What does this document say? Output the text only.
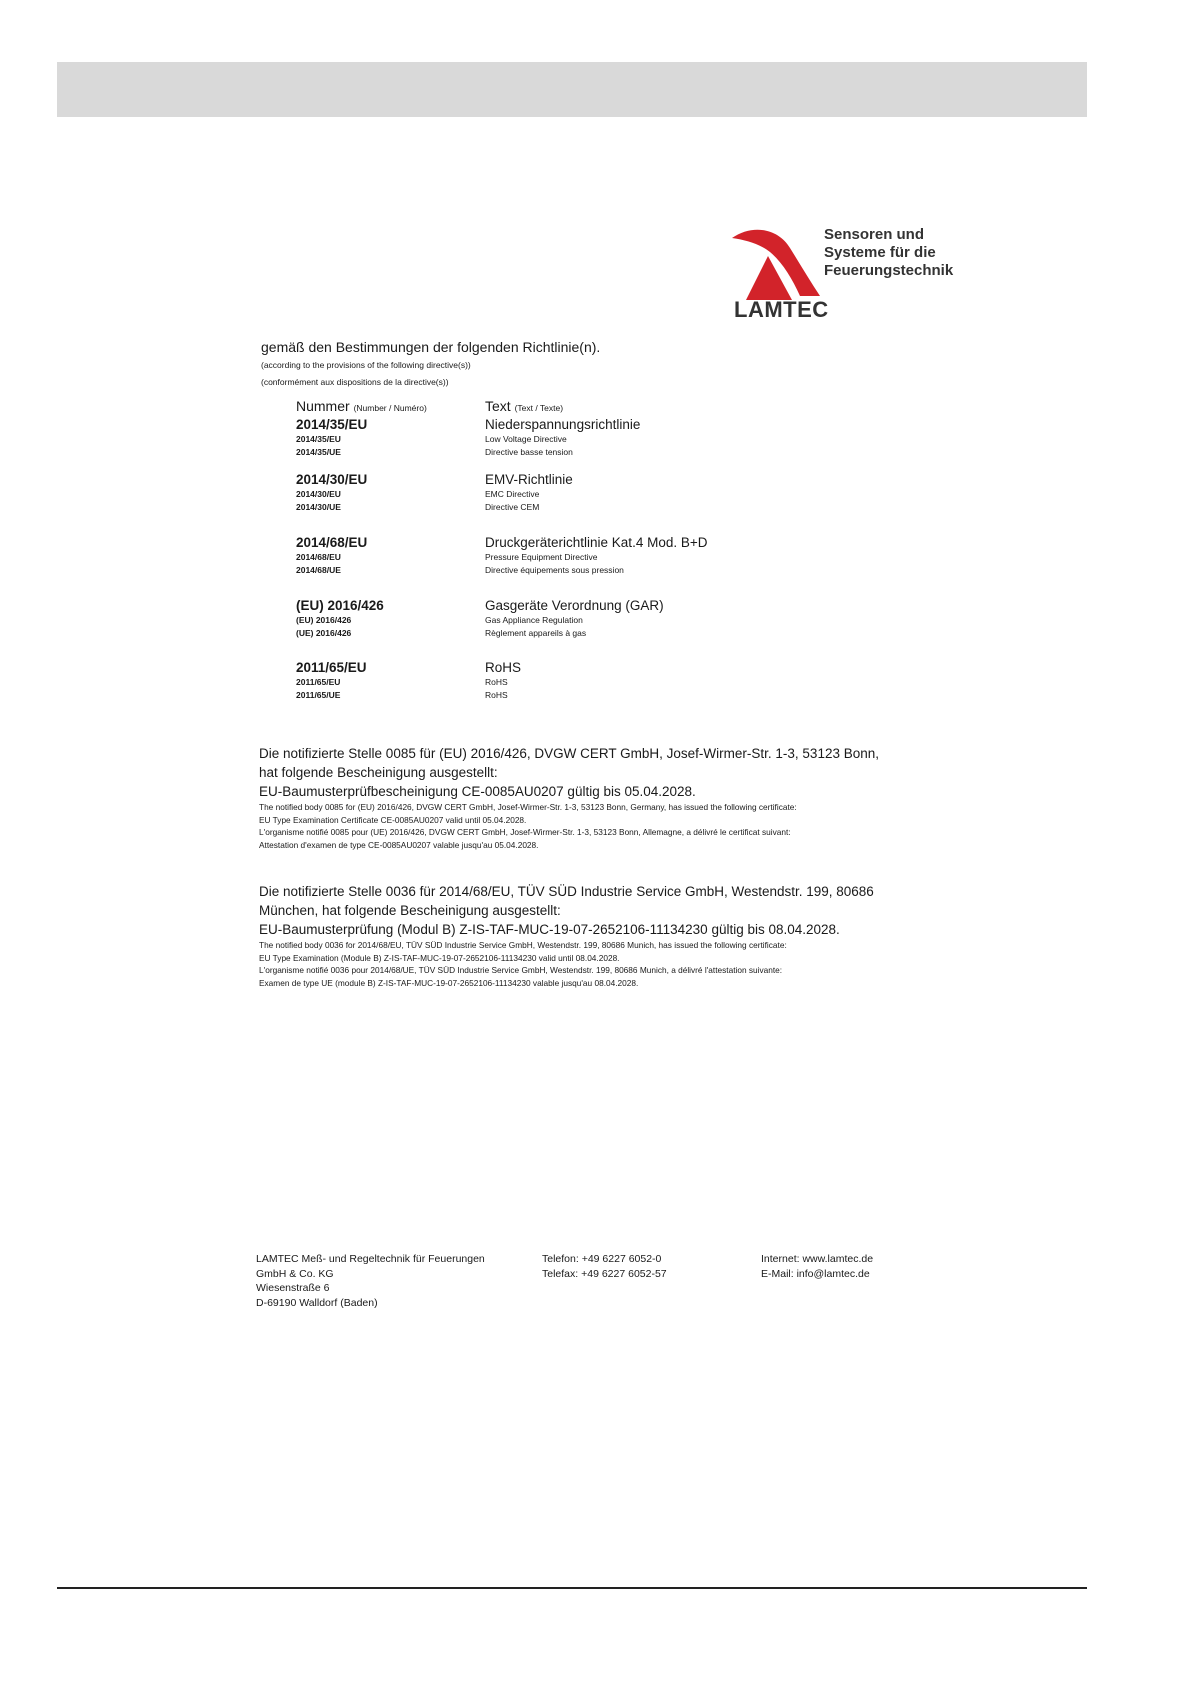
Sensoren und
Systeme für die
Feuerungstechnik
LAMTEC
gemäß den Bestimmungen der folgenden Richtlinie(n).
(according to the provisions of the following directive(s))
(conformément aux dispositions de la directive(s))
Nummer (Number / Numéro)	Text (Text / Texte)
2014/35/EU
2014/35/EU
2014/35/UE
Niederspannungsrichtlinie
Low Voltage Directive
Directive basse tension
2014/30/EU
2014/30/EU
2014/30/UE
EMV-Richtlinie
EMC Directive
Directive CEM
2014/68/EU
2014/68/EU
2014/68/UE
Druckgeräterichtlinie Kat.4 Mod. B+D
Pressure Equipment Directive
Directive équipements sous pression
(EU) 2016/426
(EU) 2016/426
(UE) 2016/426
Gasgeräte Verordnung (GAR)
Gas Appliance Regulation
Règlement appareils à gas
2011/65/EU
2011/65/EU
2011/65/UE
RoHS
RoHS
RoHS
Die notifizierte Stelle 0085 für (EU) 2016/426, DVGW CERT GmbH, Josef-Wirmer-Str. 1-3, 53123 Bonn, hat folgende Bescheinigung ausgestellt:
EU-Baumusterprüfbescheinigung CE-0085AU0207 gültig bis 05.04.2028.
The notified body 0085 for (EU) 2016/426, DVGW CERT GmbH, Josef-Wirmer-Str. 1-3, 53123 Bonn, Germany, has issued the following certificate:
EU Type Examination Certificate CE-0085AU0207 valid until 05.04.2028.
L'organisme notifié 0085 pour (UE) 2016/426, DVGW CERT GmbH, Josef-Wirmer-Str. 1-3, 53123 Bonn, Allemagne, a délivré le certificat suivant:
Attestation d'examen de type CE-0085AU0207 valable jusqu'au 05.04.2028.
Die notifizierte Stelle 0036 für 2014/68/EU, TÜV SÜD Industrie Service GmbH, Westendstr. 199, 80686 München, hat folgende Bescheinigung ausgestellt:
EU-Baumusterprüfung (Modul B) Z-IS-TAF-MUC-19-07-2652106-11134230 gültig bis 08.04.2028.
The notified body 0036 for 2014/68/EU, TÜV SÜD Industrie Service GmbH, Westendstr. 199, 80686 Munich, has issued the following certificate:
EU Type Examination (Module B) Z-IS-TAF-MUC-19-07-2652106-11134230 valid until 08.04.2028.
L'organisme notifié 0036 pour 2014/68/UE, TÜV SÜD Industrie Service GmbH, Westendstr. 199, 80686 Munich, a délivré l'attestation suivante:
Examen de type UE (module B) Z-IS-TAF-MUC-19-07-2652106-11134230 valable jusqu'au 08.04.2028.
LAMTEC Meß- und Regeltechnik für Feuerungen
GmbH & Co. KG
Wiesenstraße 6
D-69190 Walldorf (Baden)
Telefon: +49 6227 6052-0
Telefax: +49 6227 6052-57
Internet: www.lamtec.de
E-Mail: info@lamtec.de
